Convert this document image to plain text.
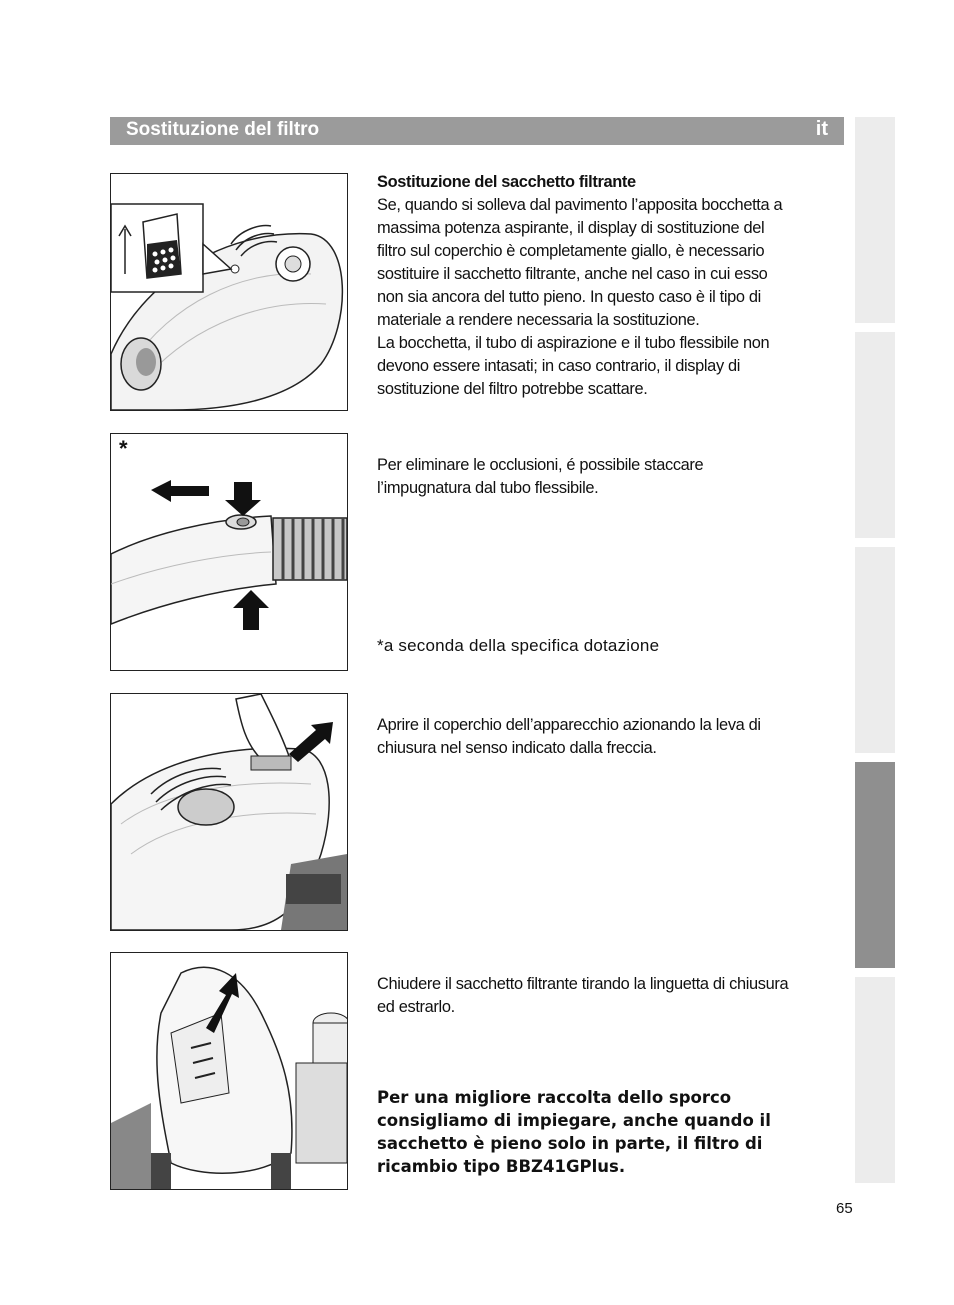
Sostituzione del filtro	it
*
Sostituzione del sacchetto filtrante
Se, quando si solleva dal pavimento l’apposita bocchetta a
massima potenza aspirante, il display di sostituzione del
filtro sul coperchio è completamente giallo, è necessario
sostituire il sacchetto filtrante, anche nel caso in cui esso
non sia ancora del tutto pieno. In questo caso è il tipo di
materiale a rendere necessaria la sostituzione.
La bocchetta, il tubo di aspirazione e il tubo flessibile non
devono essere intasati; in caso contrario, il display di
sostituzione del filtro potrebbe scattare.
Per eliminare le occlusioni, é possibile staccare
l’impugnatura dal tubo flessibile.
*a seconda della specifica dotazione
Aprire il coperchio dell’apparecchio azionando la leva di
chiusura nel senso indicato dalla freccia.
Chiudere il sacchetto filtrante tirando la linguetta di chiusura
ed estrarlo.
Per una migliore raccolta dello sporco
consigliamo di impiegare, anche quando il
sacchetto è pieno solo in parte, il filtro di
ricambio tipo BBZ41GPlus.
65
